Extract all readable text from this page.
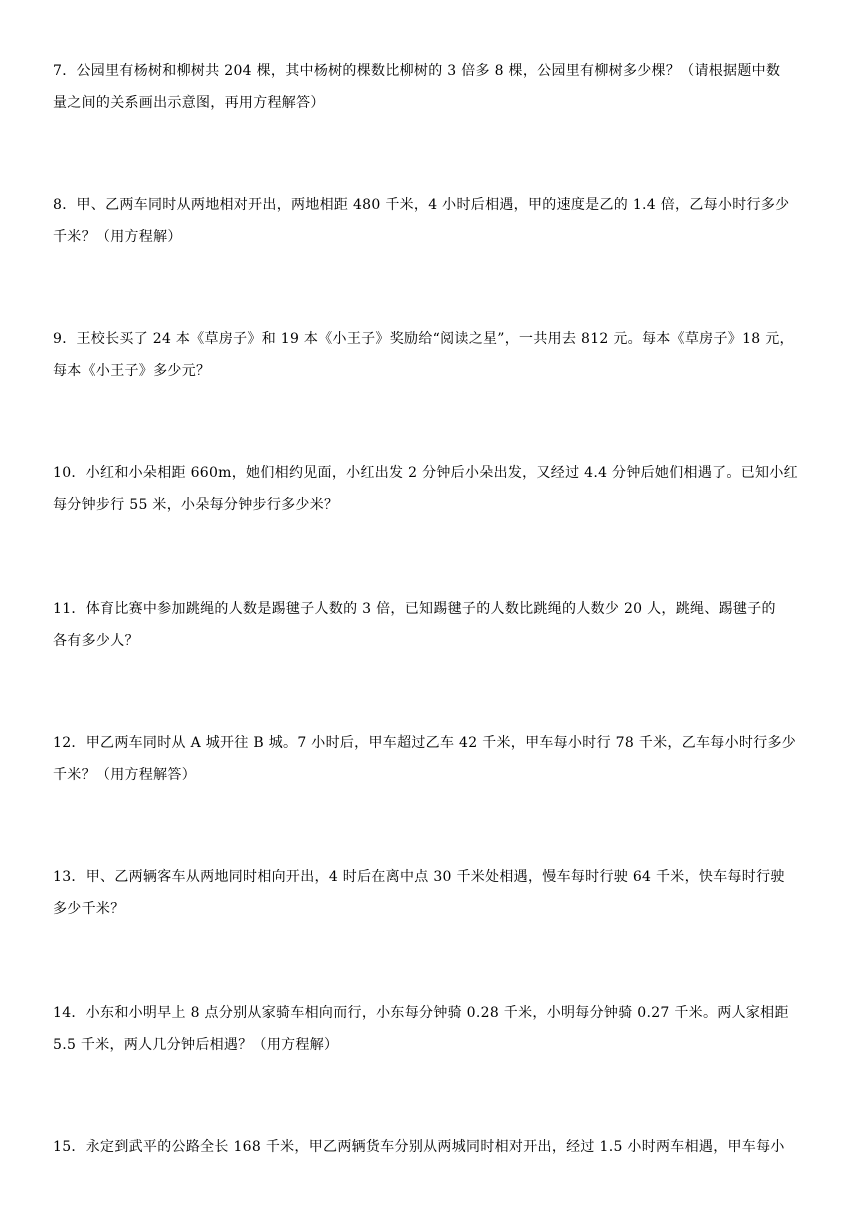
7．公园里有杨树和柳树共 204 棵，其中杨树的棵数比柳树的 3 倍多 8 棵，公园里有柳树多少棵？（请根据题中数

量之间的关系画出示意图，再用方程解答）

8．甲、乙两车同时从两地相对开出，两地相距 480 千米，4 小时后相遇，甲的速度是乙的 1.4 倍，乙每小时行多少

千米？（用方程解）

9．王校长买了 24 本《草房子》和 19 本《小王子》奖励给“阅读之星”，一共用去 812 元。每本《草房子》18 元，

每本《小王子》多少元？

10．小红和小朵相距 660m，她们相约见面，小红出发 2 分钟后小朵出发，又经过 4.4 分钟后她们相遇了。已知小红

每分钟步行 55 米，小朵每分钟步行多少米？

11．体育比赛中参加跳绳的人数是踢毽子人数的 3 倍，已知踢毽子的人数比跳绳的人数少 20 人，跳绳、踢毽子的

各有多少人？

12．甲乙两车同时从 A 城开往 B 城。7 小时后，甲车超过乙车 42 千米，甲车每小时行 78 千米，乙车每小时行多少

千米？（用方程解答）

13．甲、乙两辆客车从两地同时相向开出，4 时后在离中点 30 千米处相遇，慢车每时行驶 64 千米，快车每时行驶

多少千米？

14．小东和小明早上 8 点分别从家骑车相向而行，小东每分钟骑 0.28 千米，小明每分钟骑 0.27 千米。两人家相距

5.5 千米，两人几分钟后相遇？（用方程解）

15．永定到武平的公路全长 168 千米，甲乙两辆货车分别从两城同时相对开出，经过 1.5 小时两车相遇，甲车每小
